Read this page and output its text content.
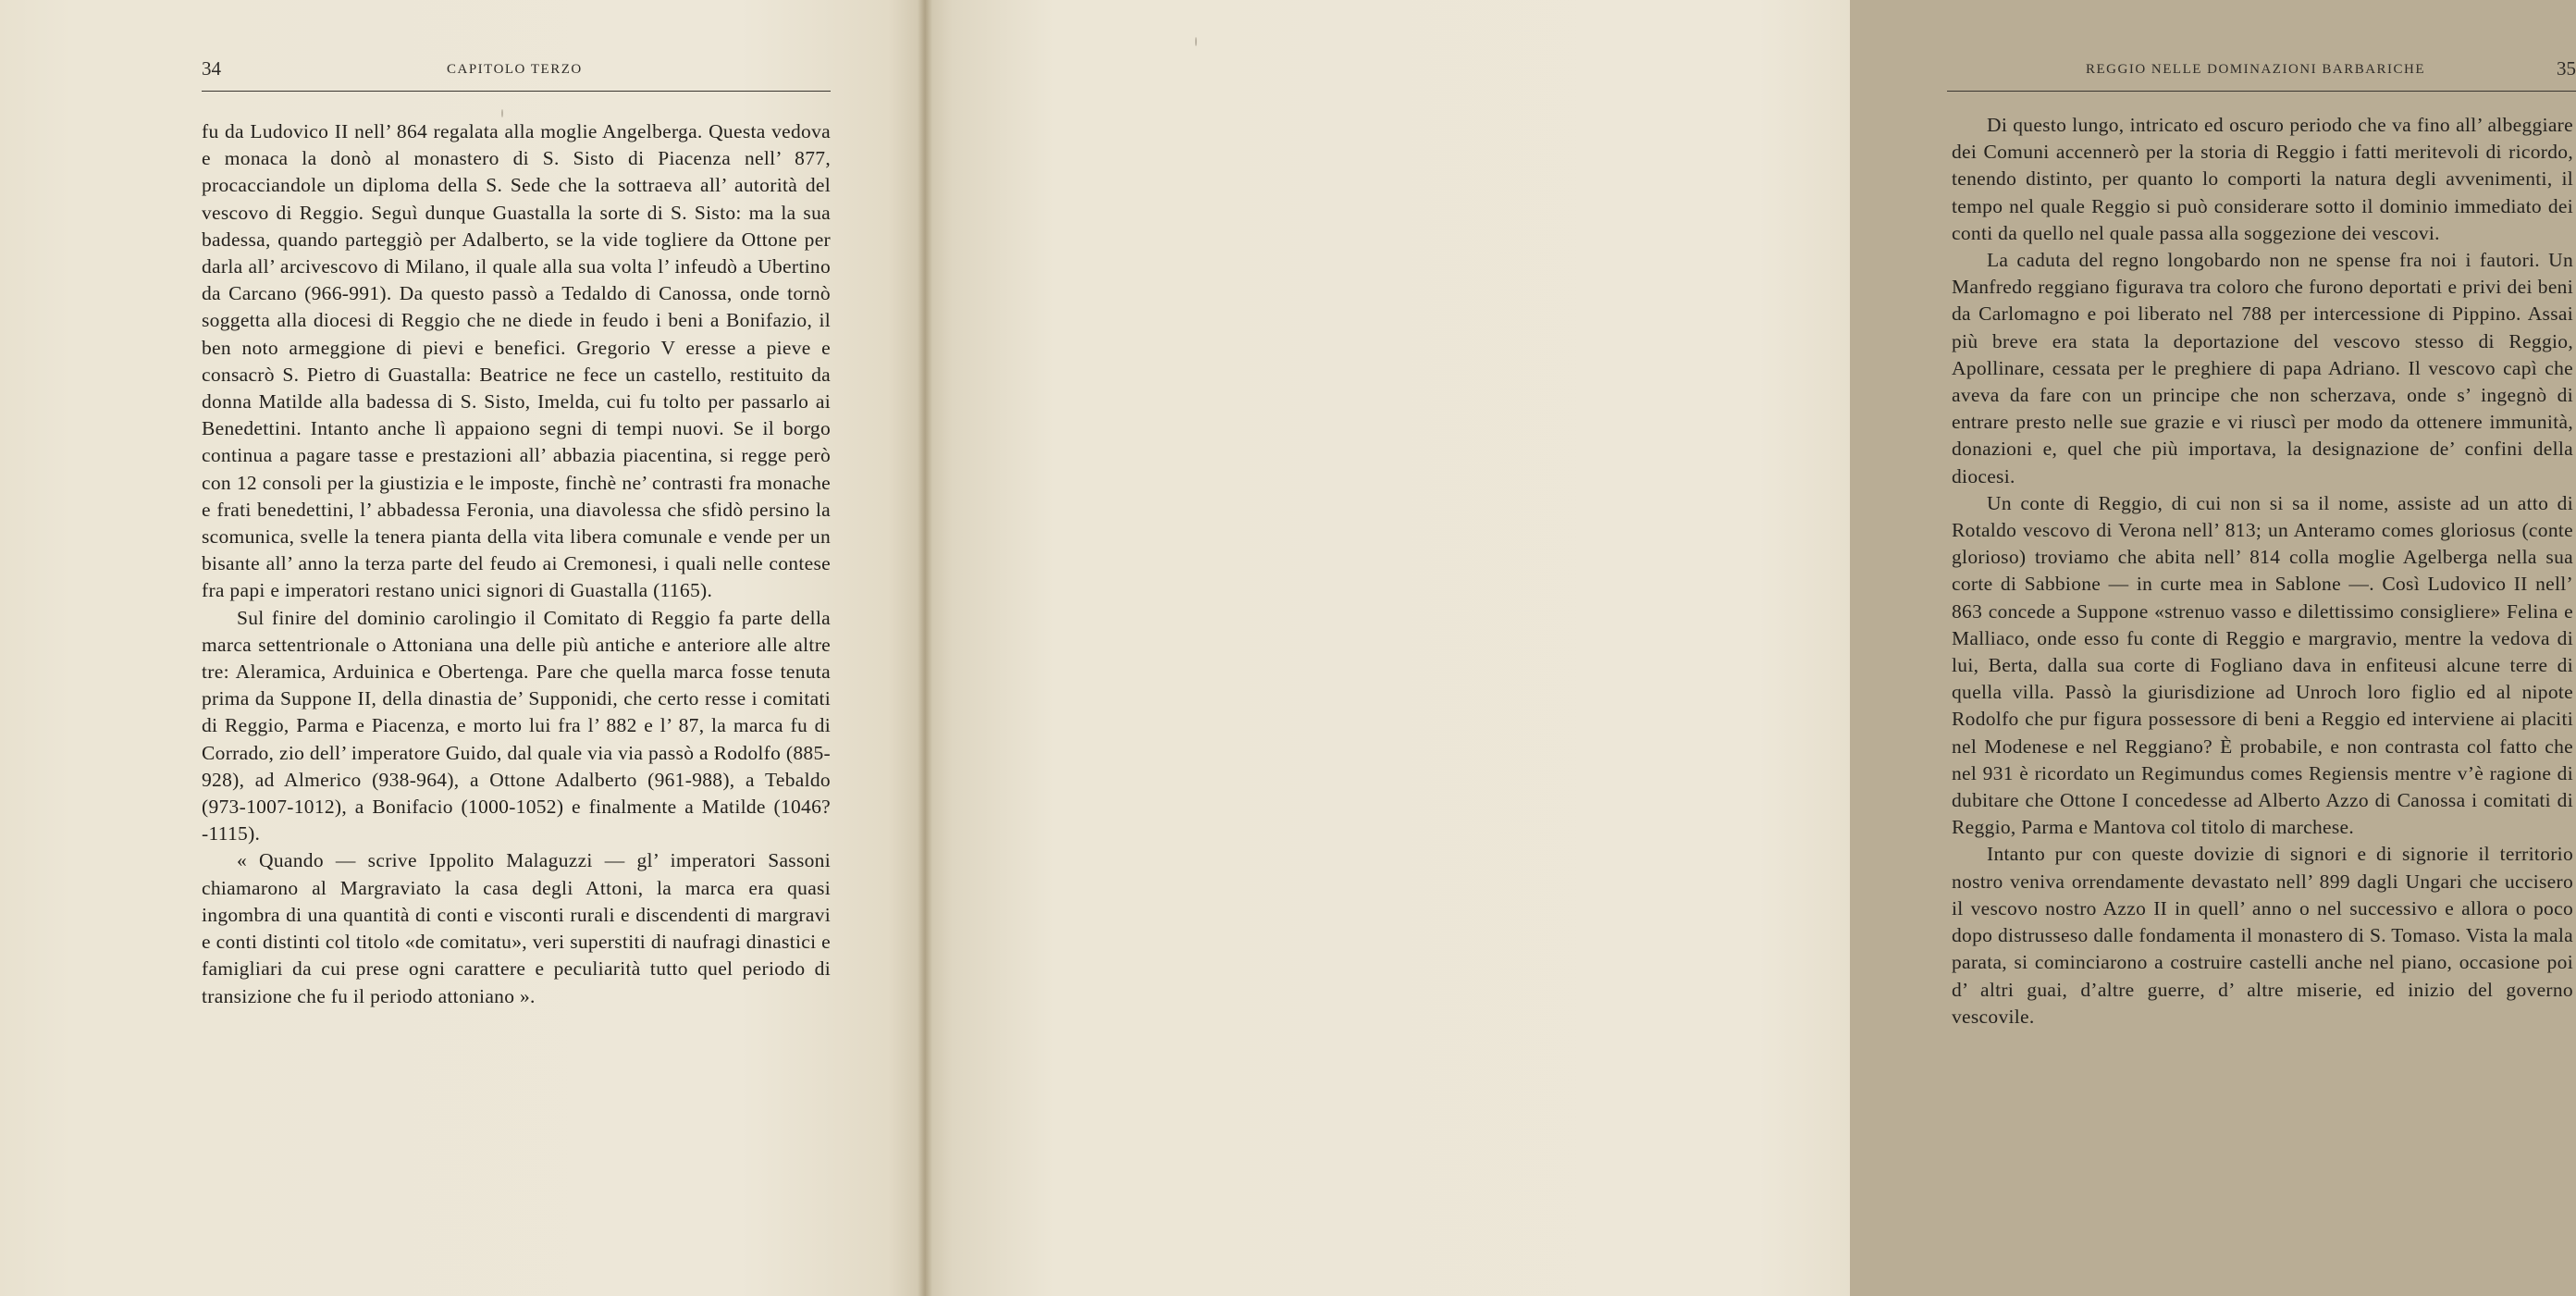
34	CAPITOLO TERZO

fu da Ludovico II nell’ 864 regalata alla moglie Angelberga. Questa vedova e monaca la donò al monastero di S. Sisto di Piacenza nell’ 877, procacciandole un diploma della S. Sede che la sottraeva all’ autorità del vescovo di Reggio. Seguì dunque Guastalla la sorte di S. Sisto: ma la sua badessa, quando parteggiò per Adalberto, se la vide togliere da Ottone per darla all’ arcivescovo di Milano, il quale alla sua volta l’ infeudò a Ubertino da Carcano (966-991). Da questo passò a Tedaldo di Canossa, onde tornò soggetta alla diocesi di Reggio che ne diede in feudo i beni a Bonifazio, il ben noto armeggione di pievi e benefici. Gregorio V eresse a pieve e consacrò S. Pietro di Guastalla: Beatrice ne fece un castello, restituito da donna Matilde alla badessa di S. Sisto, Imelda, cui fu tolto per passarlo ai Benedettini. Intanto anche lì appaiono segni di tempi nuovi. Se il borgo continua a pagare tasse e prestazioni all’ abbazia piacentina, si regge però con 12 consoli per la giustizia e le imposte, finchè ne’ contrasti fra monache e frati benedettini, l’ abbadessa Feronia, una diavolessa che sfidò persino la scomunica, svelle la tenera pianta della vita libera comunale e vende per un bisante all’ anno la terza parte del feudo ai Cremonesi, i quali nelle contese fra papi e imperatori restano unici signori di Guastalla (1165).

Sul finire del dominio carolingio il Comitato di Reggio fa parte della marca settentrionale o Attoniana una delle più antiche e anteriore alle altre tre: Aleramica, Arduinica e Obertenga. Pare che quella marca fosse tenuta prima da Suppone II, della dinastia de’ Supponidi, che certo resse i comitati di Reggio, Parma e Piacenza, e morto lui fra l’ 882 e l’ 87, la marca fu di Corrado, zio dell’ imperatore Guido, dal quale via via passò a Rodolfo (885-928), ad Almerico (938-964), a Ottone Adalberto (961-988), a Tebaldo (973-1007-1012), a Bonifacio (1000-1052) e finalmente a Matilde (1046?-1115).

« Quando — scrive Ippolito Malaguzzi — gl’ imperatori Sassoni chiamarono al Margraviato la casa degli Attoni, la marca era quasi ingombra di una quantità di conti e visconti rurali e discendenti di margravi e conti distinti col titolo «de comitatu», veri superstiti di naufragi dinastici e famigliari da cui prese ogni carattere e peculiarità tutto quel periodo di transizione che fu il periodo attoniano ».

REGGIO NELLE DOMINAZIONI BARBARICHE	35

Di questo lungo, intricato ed oscuro periodo che va fino all’ albeggiare dei Comuni accennerò per la storia di Reggio i fatti meritevoli di ricordo, tenendo distinto, per quanto lo comporti la natura degli avvenimenti, il tempo nel quale Reggio si può considerare sotto il dominio immediato dei conti da quello nel quale passa alla soggezione dei vescovi.

La caduta del regno longobardo non ne spense fra noi i fautori. Un Manfredo reggiano figurava tra coloro che furono deportati e privi dei beni da Carlomagno e poi liberato nel 788 per intercessione di Pippino. Assai più breve era stata la deportazione del vescovo stesso di Reggio, Apollinare, cessata per le preghiere di papa Adriano. Il vescovo capì che aveva da fare con un principe che non scherzava, onde s’ ingegnò di entrare presto nelle sue grazie e vi riuscì per modo da ottenere immunità, donazioni e, quel che più importava, la designazione de’ confini della diocesi.

Un conte di Reggio, di cui non si sa il nome, assiste ad un atto di Rotaldo vescovo di Verona nell’ 813; un Anteramo comes gloriosus (conte glorioso) troviamo che abita nell’ 814 colla moglie Agelberga nella sua corte di Sabbione — in curte mea in Sablone —. Così Ludovico II nell’ 863 concede a Suppone «strenuo vasso e dilettissimo consigliere» Felina e Malliaco, onde esso fu conte di Reggio e margravio, mentre la vedova di lui, Berta, dalla sua corte di Fogliano dava in enfiteusi alcune terre di quella villa. Passò la giurisdizione ad Unroch loro figlio ed al nipote Rodolfo che pur figura possessore di beni a Reggio ed interviene ai placiti nel Modenese e nel Reggiano? È probabile, e non contrasta col fatto che nel 931 è ricordato un Regimundus comes Regiensis mentre v’è ragione di dubitare che Ottone I concedesse ad Alberto Azzo di Canossa i comitati di Reggio, Parma e Mantova col titolo di marchese.

Intanto pur con queste dovizie di signori e di signorie il territorio nostro veniva orrendamente devastato nell’ 899 dagli Ungari che uccisero il vescovo nostro Azzo II in quell’ anno o nel successivo e allora o poco dopo distrusseso dalle fondamenta il monastero di S. Tomaso. Vista la mala parata, si cominciarono a costruire castelli anche nel piano, occasione poi d’ altri guai, d’altre guerre, d’ altre miserie, ed inizio del governo vescovile.
